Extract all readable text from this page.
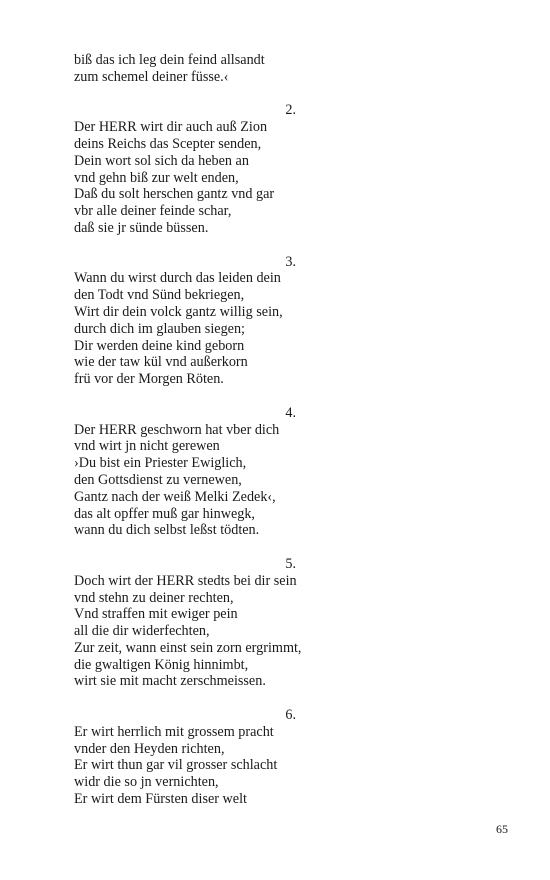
biß das ich leg dein feind allsandt

zum schemel deiner füsse.‹

2.

Der HERR wirt dir auch auß Zion

deins Reichs das Scepter senden,

Dein wort sol sich da heben an

vnd gehn biß zur welt enden,

Daß du solt herschen gantz vnd gar

vbr alle deiner feinde schar,

daß sie jr sünde büssen.

3.

Wann du wirst durch das leiden dein

den Todt vnd Sünd bekriegen,

Wirt dir dein volck gantz willig sein,

durch dich im glauben siegen;

Dir werden deine kind geborn

wie der taw kül vnd außerkorn

frü vor der Morgen Röten.

4.

Der HERR geschworn hat vber dich

vnd wirt jn nicht gerewen

›Du bist ein Priester Ewiglich,

den Gottsdienst zu vernewen,

Gantz nach der weiß Melki Zedek‹,

das alt opffer muß gar hinwegk,

wann du dich selbst leßst tödten.

5.

Doch wirt der HERR stedts bei dir sein

vnd stehn zu deiner rechten,

Vnd straffen mit ewiger pein

all die dir widerfechten,

Zur zeit, wann einst sein zorn ergrimmt,

die gwaltigen König hinnimbt,

wirt sie mit macht zerschmeissen.

6.

Er wirt herrlich mit grossem pracht

vnder den Heyden richten,

Er wirt thun gar vil grosser schlacht

widr die so jn vernichten,

Er wirt dem Fürsten diser welt

65
